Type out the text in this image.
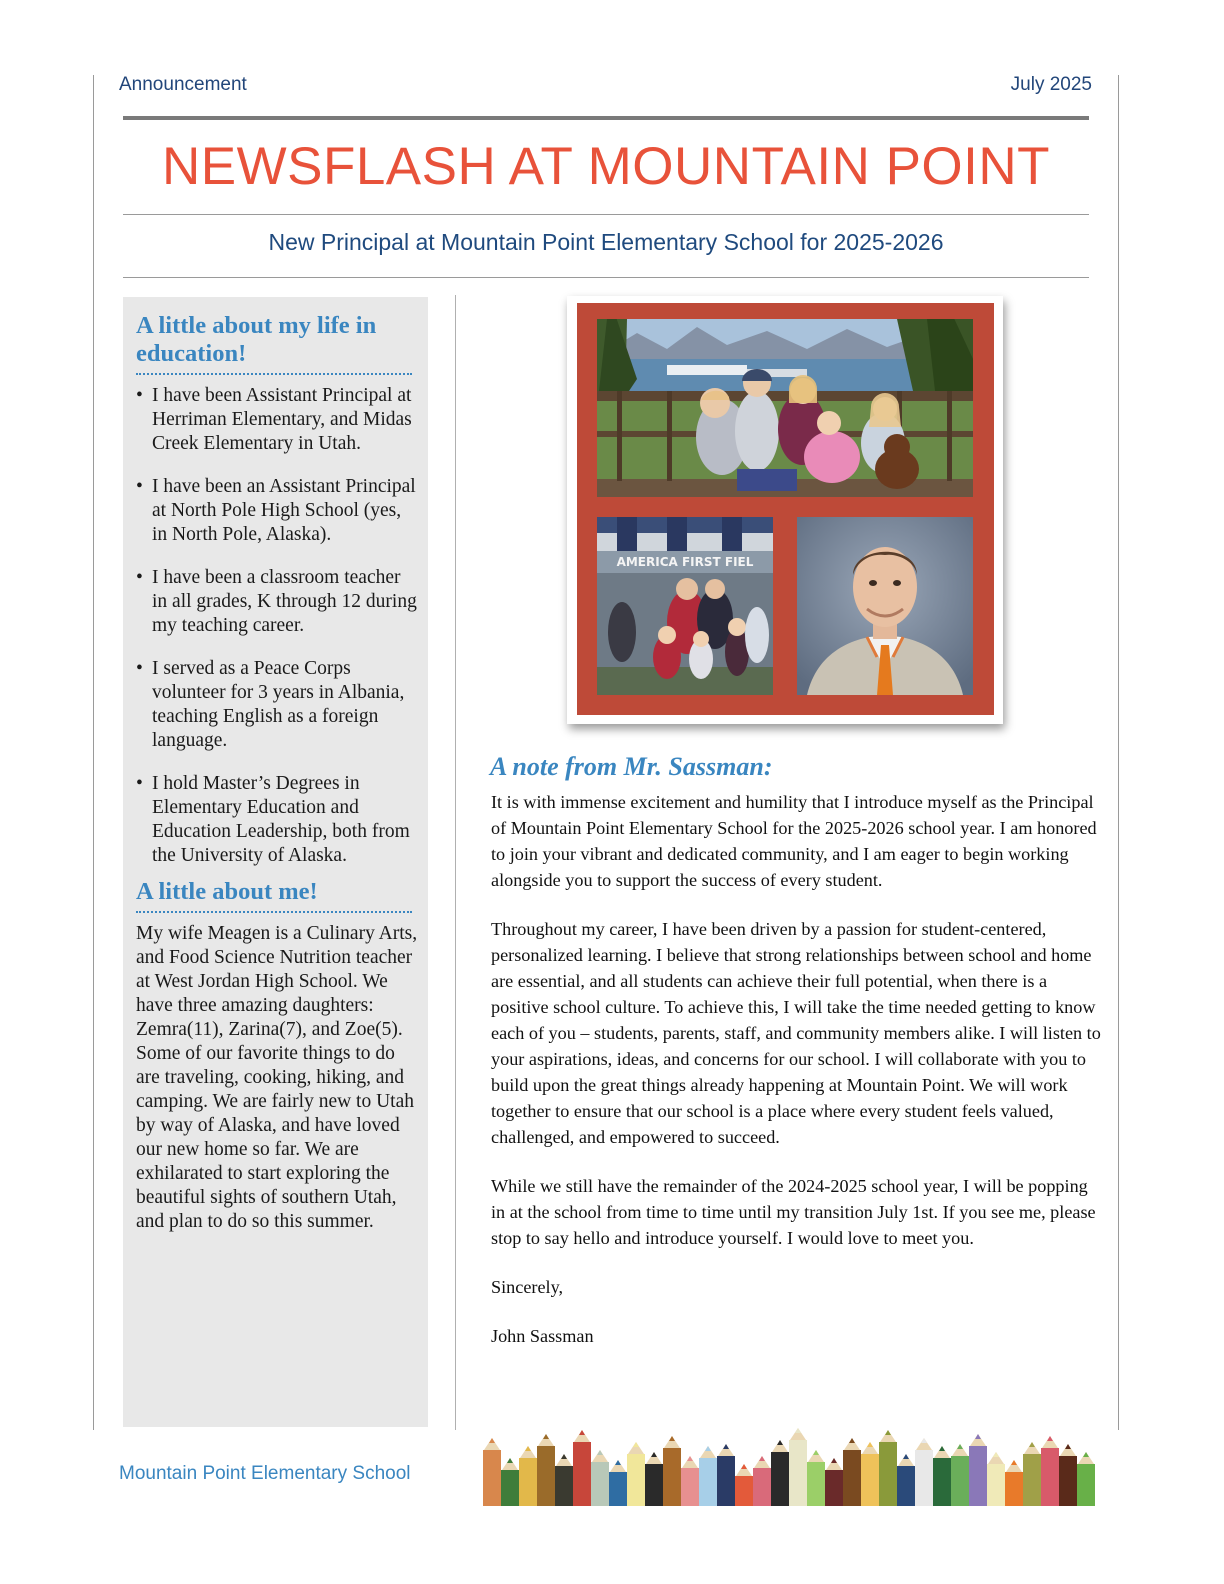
Announcement	July 2025
NEWSFLASH AT MOUNTAIN POINT
New Principal at Mountain Point Elementary School for 2025-2026
A little about my life in education!
• I have been Assistant Principal at Herriman Elementary, and Midas Creek Elementary in Utah.
• I have been an Assistant Principal at North Pole High School (yes, in North Pole, Alaska).
• I have been a classroom teacher in all grades, K through 12 during my teaching career.
• I served as a Peace Corps volunteer for 3 years in Albania, teaching English as a foreign language.
• I hold Master’s Degrees in Elementary Education and Education Leadership, both from the University of Alaska.
A little about me!

My wife Meagen is a Culinary Arts, and Food Science Nutrition teacher at West Jordan High School. We have three amazing daughters: Zemra(11), Zarina(7), and Zoe(5). Some of our favorite things to do are traveling, cooking, hiking, and camping. We are fairly new to Utah by way of Alaska, and have loved our new home so far. We are exhilarated to start exploring the beautiful sights of southern Utah, and plan to do so this summer.

AMERICA FIRST FIEL
A note from Mr. Sassman:

It is with immense excitement and humility that I introduce myself as the Principal of Mountain Point Elementary School for the 2025-2026 school year. I am honored to join your vibrant and dedicated community, and I am eager to begin working alongside you to support the success of every student.

Throughout my career, I have been driven by a passion for student-centered, personalized learning. I believe that strong relationships between school and home are essential, and all students can achieve their full potential, when there is a positive school culture. To achieve this, I will take the time needed getting to know each of you – students, parents, staff, and community members alike. I will listen to your aspirations, ideas, and concerns for our school. I will collaborate with you to build upon the great things already happening at Mountain Point. We will work together to ensure that our school is a place where every student feels valued, challenged, and empowered to succeed.

While we still have the remainder of the 2024-2025 school year, I will be popping in at the school from time to time until my transition July 1st. If you see me, please stop to say hello and introduce yourself. I would love to meet you.

Sincerely,

John Sassman

Mountain Point Elementary School
